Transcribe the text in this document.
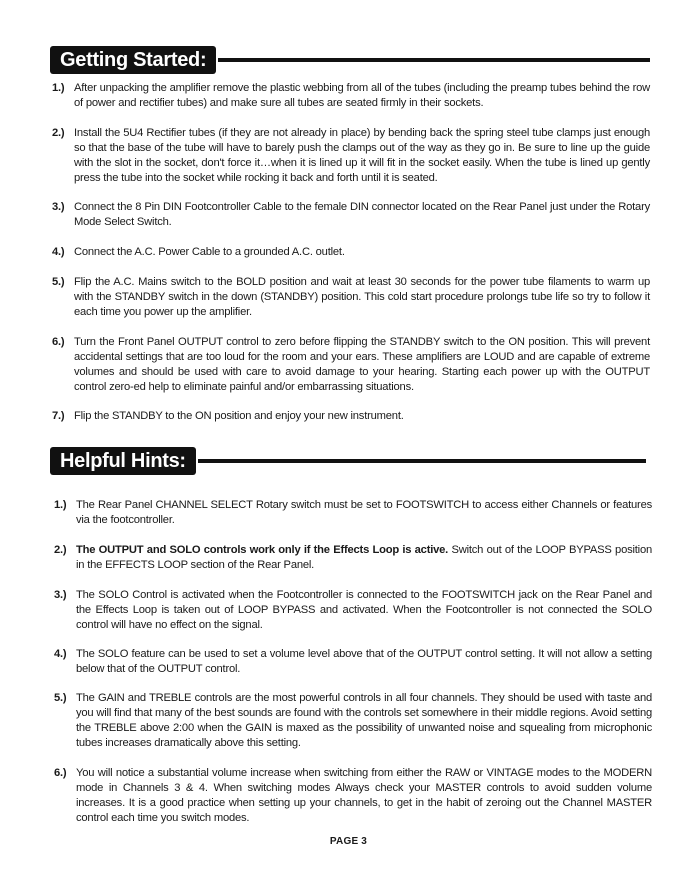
Getting Started:
1.) After unpacking the amplifier remove the plastic webbing from all of the tubes (including the preamp tubes behind the row of power and rectifier tubes) and make sure all tubes are seated firmly in their sockets.
2.) Install the 5U4 Rectifier tubes (if they are not already in place) by bending back the spring steel tube clamps just enough so that the base of the tube will have to barely push the clamps out of the way as they go in. Be sure to line up the guide with the slot in the socket, don't force it…when it is lined up it will fit in the socket easily. When the tube is lined up gently press the tube into the socket while rocking it back and forth until it is seated.
3.) Connect the 8 Pin DIN Footcontroller Cable to the female DIN connector located on the Rear Panel just under the Rotary Mode Select Switch.
4.) Connect the A.C. Power Cable to a grounded A.C. outlet.
5.) Flip the A.C. Mains switch to the BOLD position and wait at least 30 seconds for the power tube filaments to warm up with the STANDBY switch in the down (STANDBY) position. This cold start procedure prolongs tube life so try to follow it each time you power up the amplifier.
6.) Turn the Front Panel OUTPUT control to zero before flipping the STANDBY switch to the ON position. This will prevent accidental settings that are too loud for the room and your ears. These amplifiers are LOUD and are capable of extreme volumes and should be used with care to avoid damage to your hearing. Starting each power up with the OUTPUT control zero-ed help to eliminate painful and/or embarrassing situations.
7.) Flip the STANDBY to the ON position and enjoy your new instrument.
Helpful Hints:
1.) The Rear Panel CHANNEL SELECT Rotary switch must be set to FOOTSWITCH to access either Channels or features via the footcontroller.
2.) The OUTPUT and SOLO controls work only if the Effects Loop is active. Switch out of the LOOP BYPASS position in the EFFECTS LOOP section of the Rear Panel.
3.) The SOLO Control is activated when the Footcontroller is connected to the FOOTSWITCH jack on the Rear Panel and the Effects Loop is taken out of LOOP BYPASS and activated. When the Footcontroller is not connected the SOLO control will have no effect on the signal.
4.) The SOLO feature can be used to set a volume level above that of the OUTPUT control setting. It will not allow a setting below that of the OUTPUT control.
5.) The GAIN and TREBLE controls are the most powerful controls in all four channels. They should be used with taste and you will find that many of the best sounds are found with the controls set somewhere in their middle regions. Avoid setting the TREBLE above 2:00 when the GAIN is maxed as the possibility of unwanted noise and squealing from microphonic tubes increases dramatically above this setting.
6.) You will notice a substantial volume increase when switching from either the RAW or VINTAGE modes to the MODERN mode in Channels 3 & 4. When switching modes Always check your MASTER controls to avoid sudden volume increases. It is a good practice when setting up your channels, to get in the habit of zeroing out the Channel MASTER control each time you switch modes.
PAGE 3
